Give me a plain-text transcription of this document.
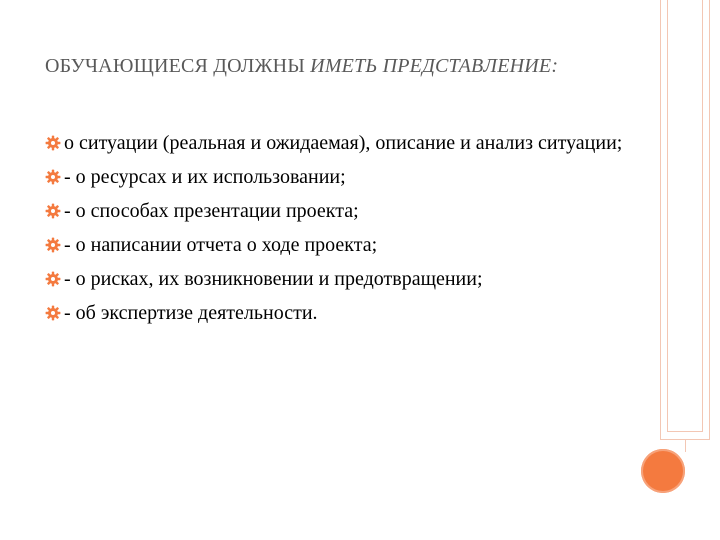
ОБУЧАЮЩИЕСЯ ДОЛЖНЫ ИМЕТЬ ПРЕДСТАВЛЕНИЕ:
о ситуации (реальная и ожидаемая), описание и анализ ситуации;
- о ресурсах и их использовании;
- о способах презентации проекта;
- о написании отчета о ходе проекта;
- о рисках, их возникновении и предотвращении;
- об экспертизе деятельности.
